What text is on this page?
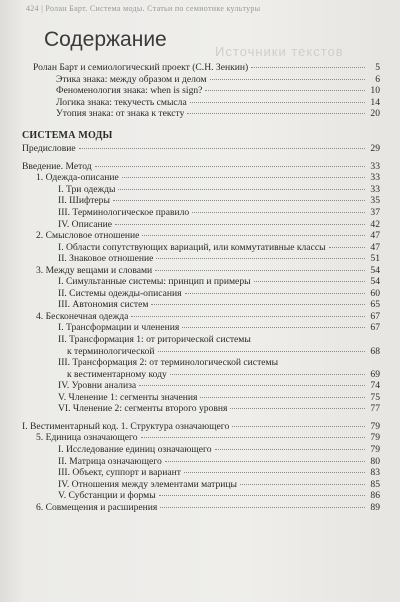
424 | Ролан Барт. Система моды. Статьи по семиотике культуры
Содержание
Источники текстов
Ролан Барт и семиологический проект (С.Н. Зенкин)	5
Этика знака: между образом и делом	6
Феноменология знака: when is sign?	10
Логика знака: текучесть смысла	14
Утопия знака: от знака к тексту	20
СИСТЕМА МОДЫ
Предисловие	29
Введение. Метод	33
1. Одежда-описание	33
I. Три одежды	33
II. Шифтеры	35
III. Терминологическое правило	37
IV. Описание	42
2. Смысловое отношение	47
I. Области сопутствующих вариаций, или коммутативные классы	47
II. Знаковое отношение	51
3. Между вещами и словами	54
I. Симультанные системы: принцип и примеры	54
II. Системы одежды-описания	60
III. Автономия систем	65
4. Бесконечная одежда	67
I. Трансформации и членения	67
II. Трансформация 1: от риторической системы
к терминологической	68
III. Трансформация 2: от терминологической системы
к вестиментарному коду	69
IV. Уровни анализа	74
V. Членение 1: сегменты значения	75
VI. Членение 2: сегменты второго уровня	77
I. Вестиментарный код. 1. Структура означающего	79
5. Единица означающего	79
I. Исследование единиц означающего	79
II. Матрица означающего	80
III. Объект, суппорт и вариант	83
IV. Отношения между элементами матрицы	85
V. Субстанции и формы	86
6. Совмещения и расширения	89
